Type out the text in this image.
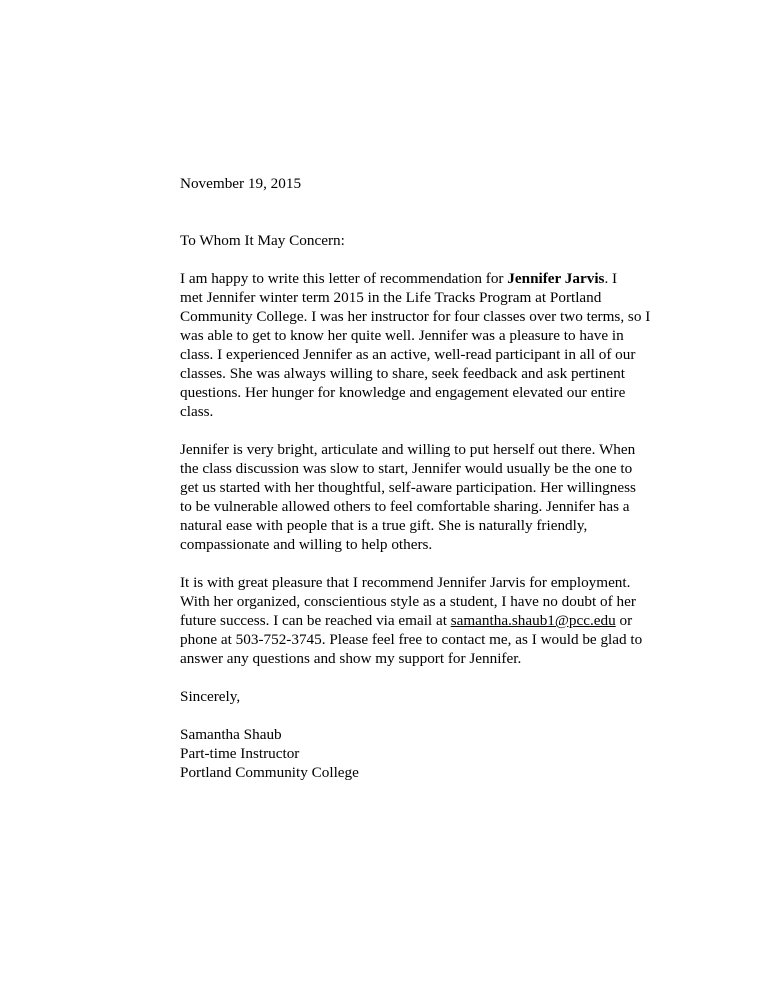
November 19, 2015

To Whom It May Concern:

I am happy to write this letter of recommendation for Jennifer Jarvis. I
met Jennifer winter term 2015 in the Life Tracks Program at Portland
Community College. I was her instructor for four classes over two terms, so I
was able to get to know her quite well. Jennifer was a pleasure to have in
class. I experienced Jennifer as an active, well-read participant in all of our
classes. She was always willing to share, seek feedback and ask pertinent
questions. Her hunger for knowledge and engagement elevated our entire
class.
Jennifer is very bright, articulate and willing to put herself out there. When
the class discussion was slow to start, Jennifer would usually be the one to
get us started with her thoughtful, self-aware participation. Her willingness
to be vulnerable allowed others to feel comfortable sharing. Jennifer has a
natural ease with people that is a true gift. She is naturally friendly,
compassionate and willing to help others.
It is with great pleasure that I recommend Jennifer Jarvis for employment.
With her organized, conscientious style as a student, I have no doubt of her
future success. I can be reached via email at samantha.shaub1@pcc.edu or
phone at 503-752-3745. Please feel free to contact me, as I would be glad to
answer any questions and show my support for Jennifer.

Sincerely,

Samantha Shaub
Part-time Instructor
Portland Community College
